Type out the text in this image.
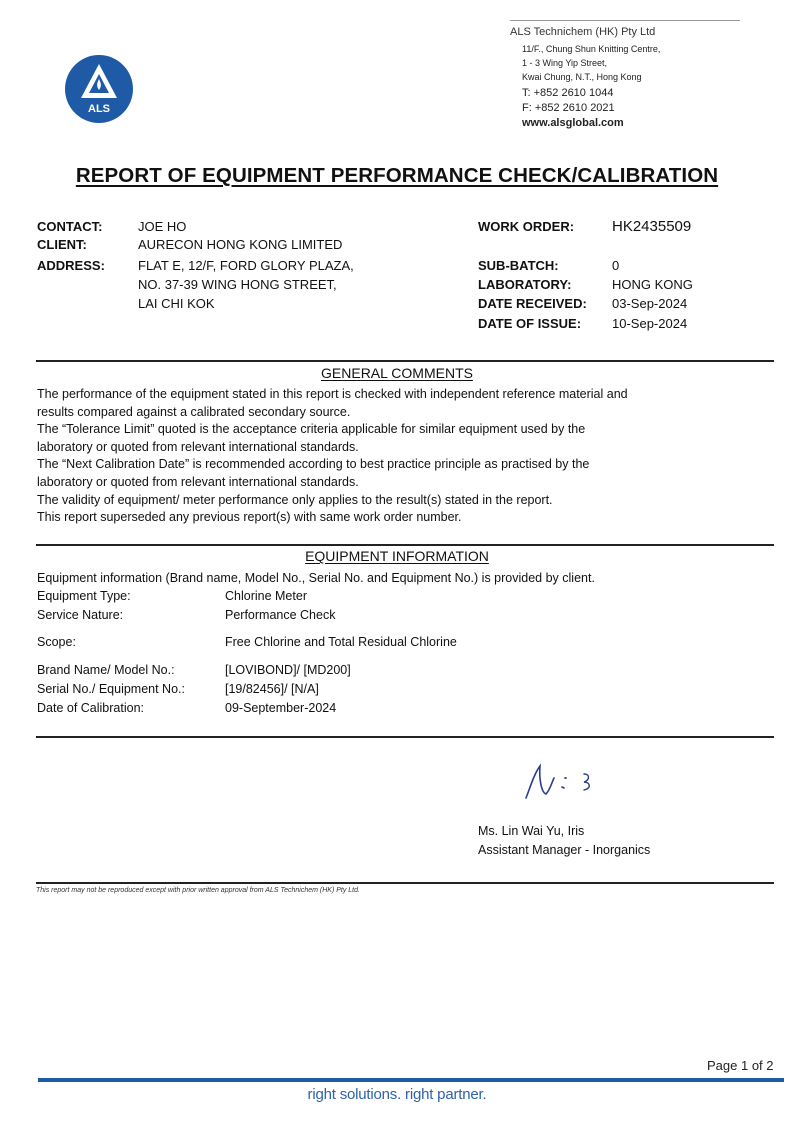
ALS
ALS Technichem (HK) Pty Ltd
11/F., Chung Shun Knitting Centre,
1 - 3 Wing Yip Street,
Kwai Chung, N.T., Hong Kong
T: +852 2610 1044
F: +852 2610 2021
www.alsglobal.com
REPORT OF EQUIPMENT PERFORMANCE CHECK/CALIBRATION
CONTACT:	JOE HO
CLIENT:	AURECON HONG KONG LIMITED
ADDRESS:	FLAT E, 12/F, FORD GLORY PLAZA,
NO. 37-39 WING HONG STREET,
LAI CHI KOK
WORK ORDER:	HK2435509
SUB-BATCH:	0
LABORATORY:	HONG KONG
DATE RECEIVED: 03-Sep-2024
DATE OF ISSUE: 10-Sep-2024
GENERAL COMMENTS
The performance of the equipment stated in this report is checked with independent reference material and
results compared against a calibrated secondary source.
The “Tolerance Limit” quoted is the acceptance criteria applicable for similar equipment used by the
laboratory or quoted from relevant international standards.
The “Next Calibration Date” is recommended according to best practice principle as practised by the
laboratory or quoted from relevant international standards.
The validity of equipment/ meter performance only applies to the result(s) stated in the report.
This report superseded any previous report(s) with same work order number.
EQUIPMENT INFORMATION
Equipment information (Brand name, Model No., Serial No. and Equipment No.) is provided by client.
Equipment Type:	Chlorine Meter
Service Nature:	Performance Check
Scope:	Free Chlorine and Total Residual Chlorine
Brand Name/ Model No.:	[LOVIBOND]/ [MD200]
Serial No./ Equipment No.:	[19/82456]/ [N/A]
Date of Calibration:	09-September-2024
Ms. Lin Wai Yu, Iris
Assistant Manager - Inorganics
This report may not be reproduced except with prior written approval from ALS Technichem (HK) Pty Ltd.
Page 1 of 2
right solutions. right partner.
